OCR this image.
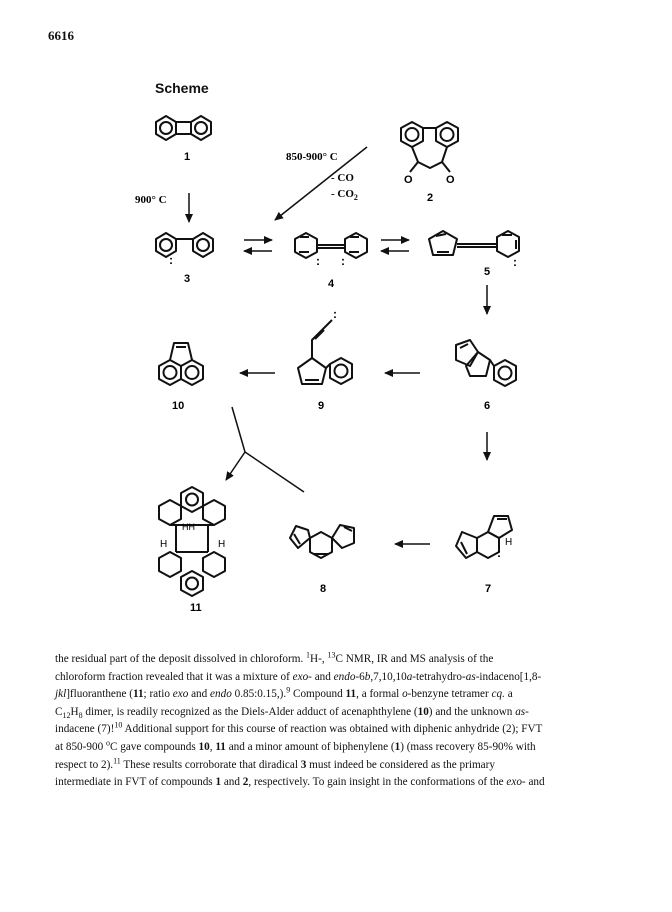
6616
Scheme
850-900° C
- CO
- $CO_2$
900° C
O	O
:	: :	:
:
:
H
HH
H	H
1
2
3	4
5
6
7
8
9
10
11
the residual part of the deposit dissolved in chloroform. $^1$H-, $^{13}$C NMR, IR and MS analysis of the
chloroform fraction revealed that it was a mixture of exo- and endo-6b,7,10,10a-tetrahydro-as-indaceno[1,8-
jkl]fluoranthene (11; ratio exo and endo 0.85:0.15,).$^9$ Compound 11, a formal o-benzyne tetramer cq. a
$C_{12}H_8$ dimer, is readily recognized as the Diels-Alder adduct of acenaphthylene (10) and the unknown as-
indacene (7)!$^{10}$ Additional support for this course of reaction was obtained with diphenic anhydride (2); FVT
at 850-900 $^o$C gave compounds 10, 11 and a minor amount of biphenylene (1) (mass recovery 85-90% with
respect to 2).$^{11}$ These results corroborate that diradical 3 must indeed be considered as the primary
intermediate in FVT of compounds 1 and 2, respectively. To gain insight in the conformations of the exo- and
